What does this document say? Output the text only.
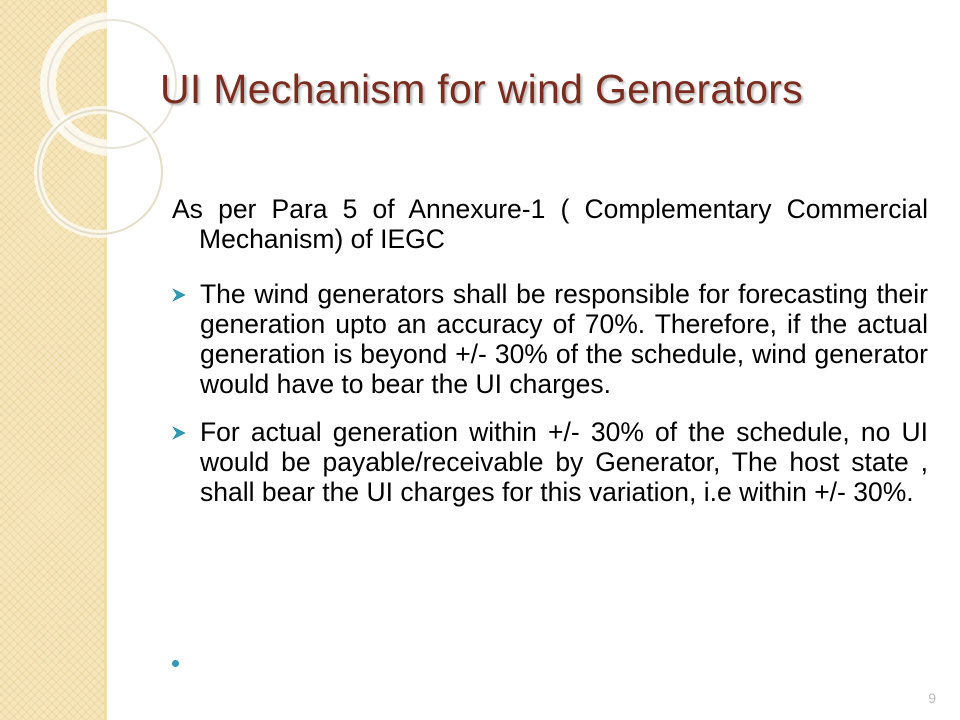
UI Mechanism for wind Generators

As per Para 5 of Annexure-1 ( Complementary Commercial Mechanism) of IEGC

The wind generators shall be responsible for forecasting their generation upto an accuracy of 70%. Therefore, if the actual generation is beyond +/- 30% of the schedule, wind generator would have to bear the UI charges.
For actual generation within +/- 30% of the schedule, no UI would be payable/receivable by Generator, The host state , shall bear the UI charges for this variation, i.e within +/- 30%.
9
